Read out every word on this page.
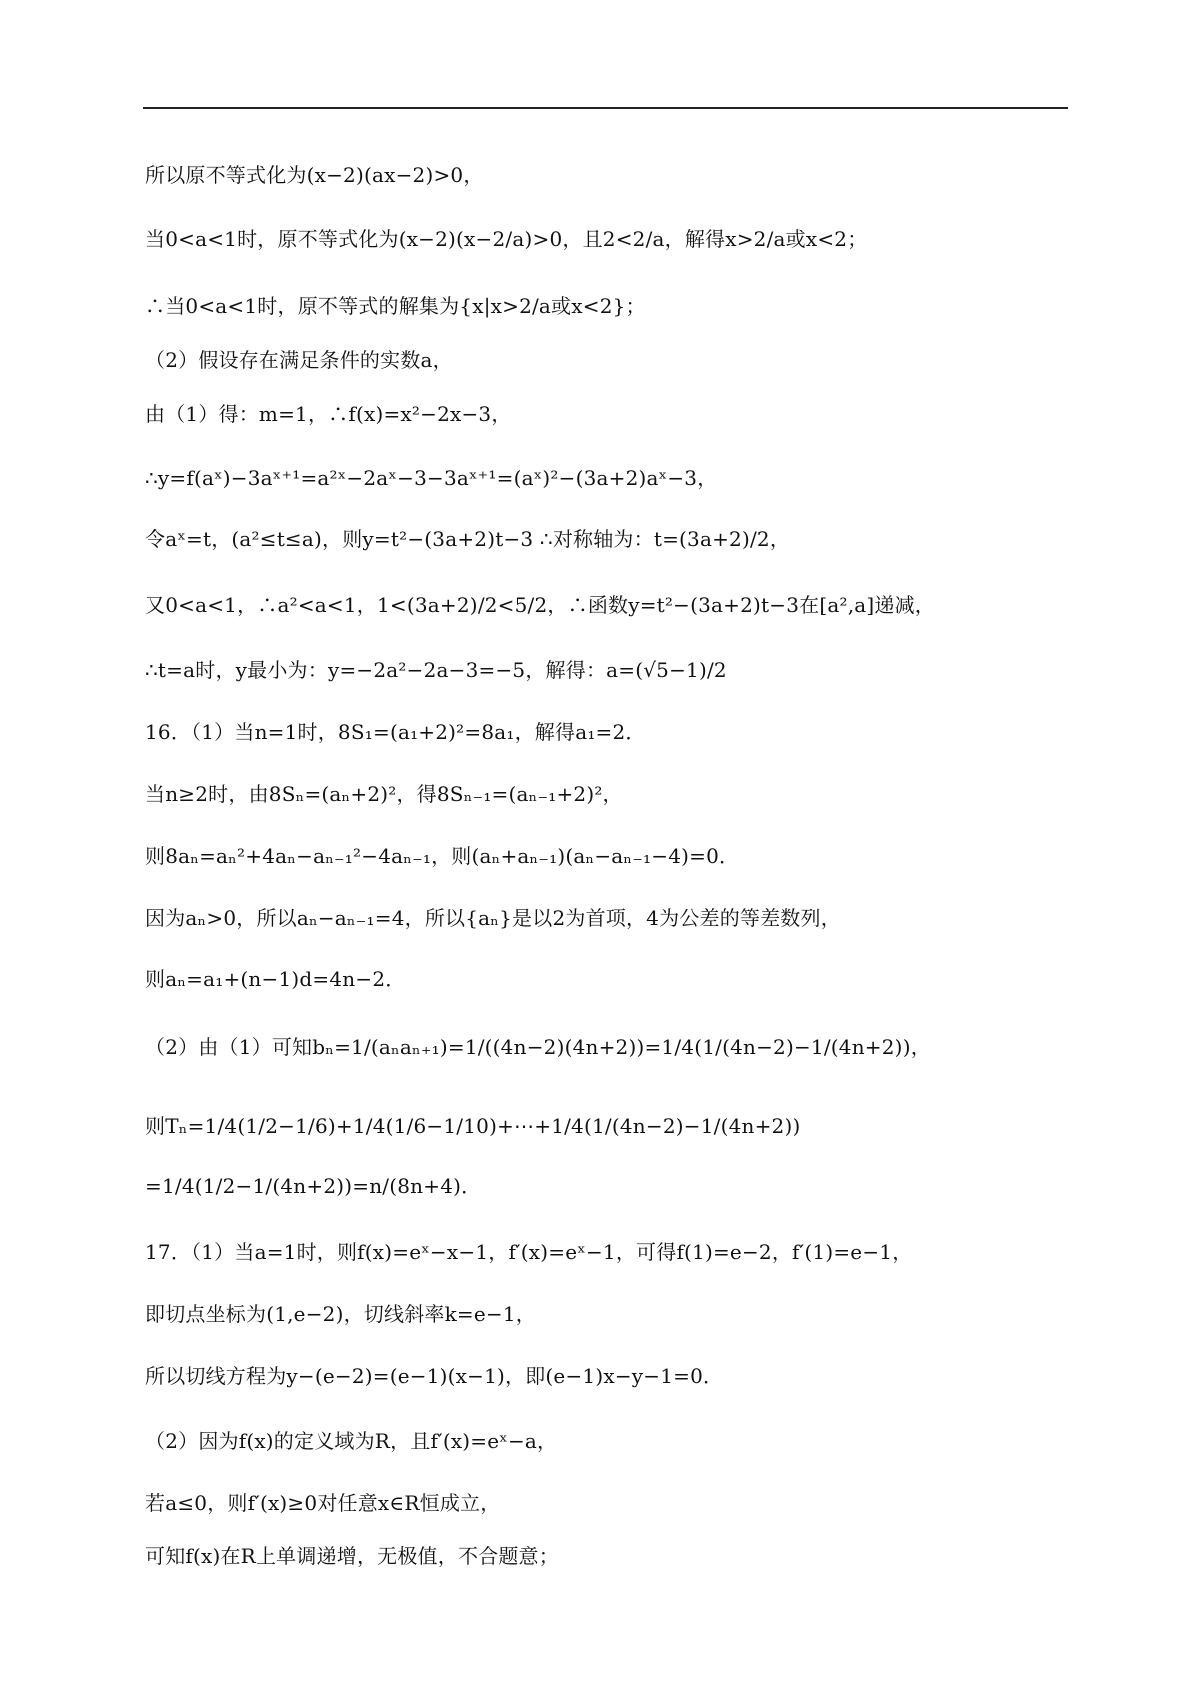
所以原不等式化为(x−2)(ax−2)>0，
当0<a<1时，原不等式化为(x−2)(x−2/a)>0，且2<2/a，解得x>2/a或x<2；
∴当0<a<1时，原不等式的解集为{x|x>2/a或x<2}；
（2）假设存在满足条件的实数a，
由（1）得：m=1，∴f(x)=x²−2x−3，
∴y=f(aˣ)−3aˣ⁺¹=a²ˣ−2aˣ−3−3aˣ⁺¹=(aˣ)²−(3a+2)aˣ−3，
令aˣ=t，(a²≤t≤a)，则y=t²−(3a+2)t−3 ∴对称轴为：t=(3a+2)/2，
又0<a<1，∴a²<a<1，1<(3a+2)/2<5/2，∴函数y=t²−(3a+2)t−3在[a²,a]递减，
∴t=a时，y最小为：y=−2a²−2a−3=−5，解得：a=(√5−1)/2
16．（1）当n=1时，8S₁=(a₁+2)²=8a₁，解得a₁=2．
当n≥2时，由8Sₙ=(aₙ+2)²，得8Sₙ₋₁=(aₙ₋₁+2)²，
则8aₙ=aₙ²+4aₙ−aₙ₋₁²−4aₙ₋₁，则(aₙ+aₙ₋₁)(aₙ−aₙ₋₁−4)=0．
因为aₙ>0，所以aₙ−aₙ₋₁=4，所以{aₙ}是以2为首项，4为公差的等差数列，
则aₙ=a₁+(n−1)d=4n−2．
（2）由（1）可知bₙ=1/(aₙaₙ₊₁)=1/((4n−2)(4n+2))=1/4(1/(4n−2)−1/(4n+2))，
则Tₙ=1/4(1/2−1/6)+1/4(1/6−1/10)+⋯+1/4(1/(4n−2)−1/(4n+2))
=1/4(1/2−1/(4n+2))=n/(8n+4)．
17．（1）当a=1时，则f(x)=eˣ−x−1，f′(x)=eˣ−1，可得f(1)=e−2，f′(1)=e−1，
即切点坐标为(1,e−2)，切线斜率k=e−1，
所以切线方程为y−(e−2)=(e−1)(x−1)，即(e−1)x−y−1=0．
（2）因为f(x)的定义域为R，且f′(x)=eˣ−a，
若a≤0，则f′(x)≥0对任意x∈R恒成立，
可知f(x)在R上单调递增，无极值，不合题意；
